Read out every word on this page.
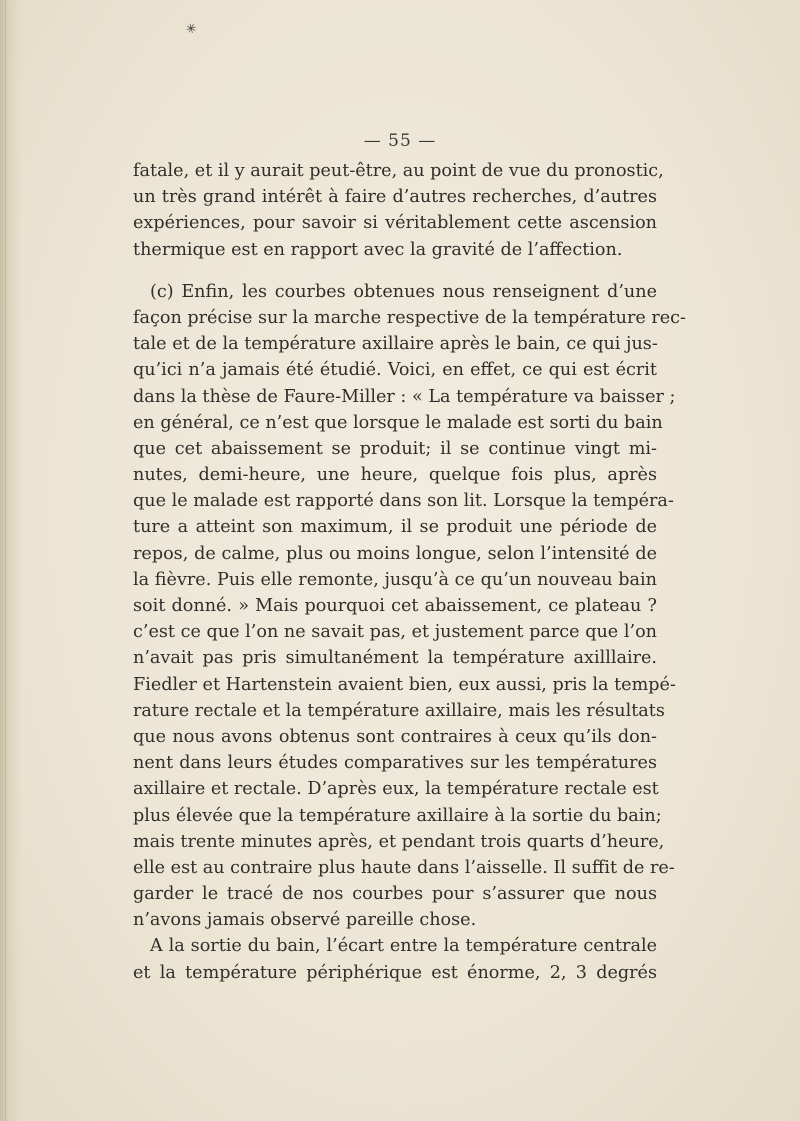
✳
— 55 —
fatale, et il y aurait peut-être, au point de vue du pronostic,
un très grand intérêt à faire d’autres recherches, d’autres
expériences, pour savoir si véritablement cette ascension
thermique est en rapport avec la gravité de l’affection.
(c) Enfin, les courbes obtenues nous renseignent d’une
façon précise sur la marche respective de la température rec-
tale et de la température axillaire après le bain, ce qui jus-
qu’ici n’a jamais été étudié. Voici, en effet, ce qui est écrit
dans la thèse de Faure-Miller : « La température va baisser ;
en général, ce n’est que lorsque le malade est sorti du bain
que cet abaissement se produit; il se continue vingt mi-
nutes, demi-heure, une heure, quelque fois plus, après
que le malade est rapporté dans son lit. Lorsque la tempéra-
ture a atteint son maximum, il se produit une période de
repos, de calme, plus ou moins longue, selon l’intensité de
la fièvre. Puis elle remonte, jusqu’à ce qu’un nouveau bain
soit donné. » Mais pourquoi cet abaissement, ce plateau ?
c’est ce que l’on ne savait pas, et justement parce que l’on
n’avait pas pris simultanément la température axilllaire.
Fiedler et Hartenstein avaient bien, eux aussi, pris la tempé-
rature rectale et la température axillaire, mais les résultats
que nous avons obtenus sont contraires à ceux qu’ils don-
nent dans leurs études comparatives sur les températures
axillaire et rectale. D’après eux, la température rectale est
plus élevée que la température axillaire à la sortie du bain;
mais trente minutes après, et pendant trois quarts d’heure,
elle est au contraire plus haute dans l’aisselle. Il suffit de re-
garder le tracé de nos courbes pour s’assurer que nous
n’avons jamais observé pareille chose.
A la sortie du bain, l’écart entre la température centrale
et la température périphérique est énorme, 2, 3 degrés
